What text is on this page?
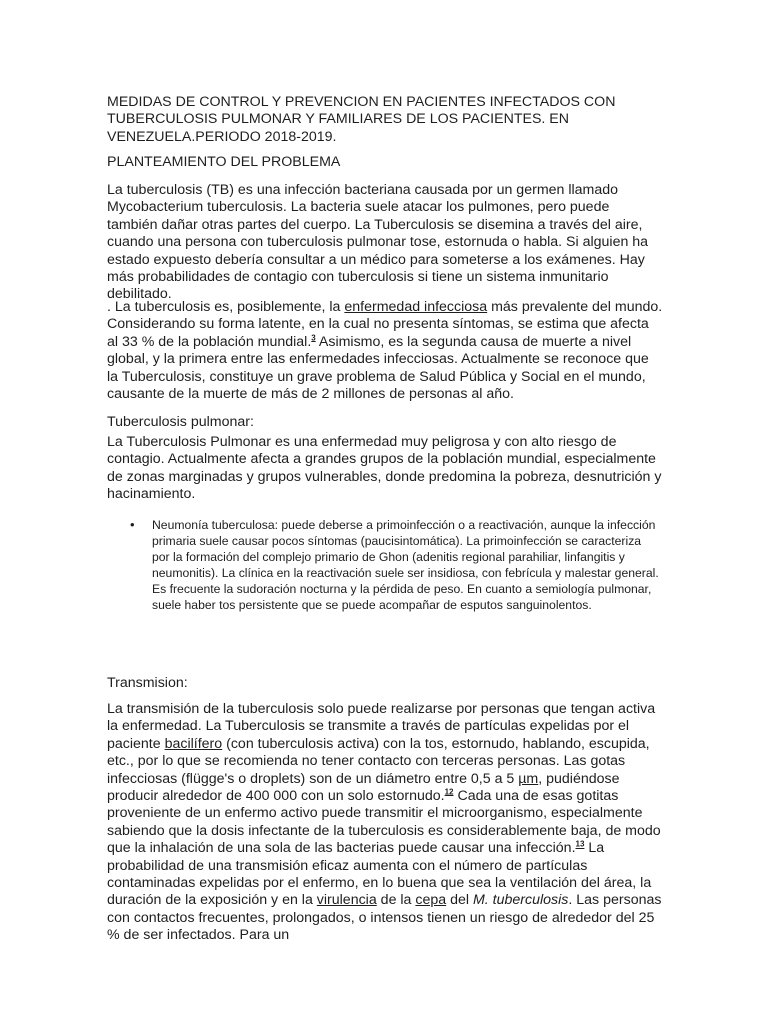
MEDIDAS DE CONTROL Y PREVENCION EN PACIENTES INFECTADOS CON TUBERCULOSIS PULMONAR Y FAMILIARES DE LOS PACIENTES. EN VENEZUELA.PERIODO 2018-2019.

PLANTEAMIENTO DEL PROBLEMA

La tuberculosis (TB) es una infección bacteriana causada por un germen llamado Mycobacterium tuberculosis. La bacteria suele atacar los pulmones, pero puede también dañar otras partes del cuerpo. La Tuberculosis se disemina a través del aire, cuando una persona con tuberculosis pulmonar tose, estornuda o habla. Si alguien ha estado expuesto debería consultar a un médico para someterse a los exámenes. Hay más probabilidades de contagio con tuberculosis si tiene un sistema inmunitario debilitado.

. La tuberculosis es, posiblemente, la enfermedad infecciosa más prevalente del mundo. Considerando su forma latente, en la cual no presenta síntomas, se estima que afecta al 33 % de la población mundial.$^3$ Asimismo, es la segunda causa de muerte a nivel global, y la primera entre las enfermedades infecciosas. Actualmente se reconoce que la Tuberculosis, constituye un grave problema de Salud Pública y Social en el mundo, causante de la muerte de más de 2 millones de personas al año.

Tuberculosis pulmonar:

La Tuberculosis Pulmonar es una enfermedad muy peligrosa y con alto riesgo de contagio. Actualmente afecta a grandes grupos de la población mundial, especialmente de zonas marginadas y grupos vulnerables, donde predomina la pobreza, desnutrición y hacinamiento.

• Neumonía tuberculosa: puede deberse a primoinfección o a reactivación, aunque la infección primaria suele causar pocos síntomas (paucisintomática). La primoinfección se caracteriza por la formación del complejo primario de Ghon (adenitis regional parahiliar, linfangitis y neumonitis). La clínica en la reactivación suele ser insidiosa, con febrícula y malestar general. Es frecuente la sudoración nocturna y la pérdida de peso. En cuanto a semiología pulmonar, suele haber tos persistente que se puede acompañar de esputos sanguinolentos.

Transmision:

La transmisión de la tuberculosis solo puede realizarse por personas que tengan activa la enfermedad. La Tuberculosis se transmite a través de partículas expelidas por el paciente bacilífero (con tuberculosis activa) con la tos, estornudo, hablando, escupida, etc., por lo que se recomienda no tener contacto con terceras personas. Las gotas infecciosas (flügge's o droplets) son de un diámetro entre 0,5 a 5 µm, pudiéndose producir alrededor de 400 000 con un solo estornudo.$^{12}$ Cada una de esas gotitas proveniente de un enfermo activo puede transmitir el microorganismo, especialmente sabiendo que la dosis infectante de la tuberculosis es considerablemente baja, de modo que la inhalación de una sola de las bacterias puede causar una infección.$^{13}$ La probabilidad de una transmisión eficaz aumenta con el número de partículas contaminadas expelidas por el enfermo, en lo buena que sea la ventilación del área, la duración de la exposición y en la virulencia de la cepa del M. tuberculosis. Las personas con contactos frecuentes, prolongados, o intensos tienen un riesgo de alrededor del 25 % de ser infectados. Para un
